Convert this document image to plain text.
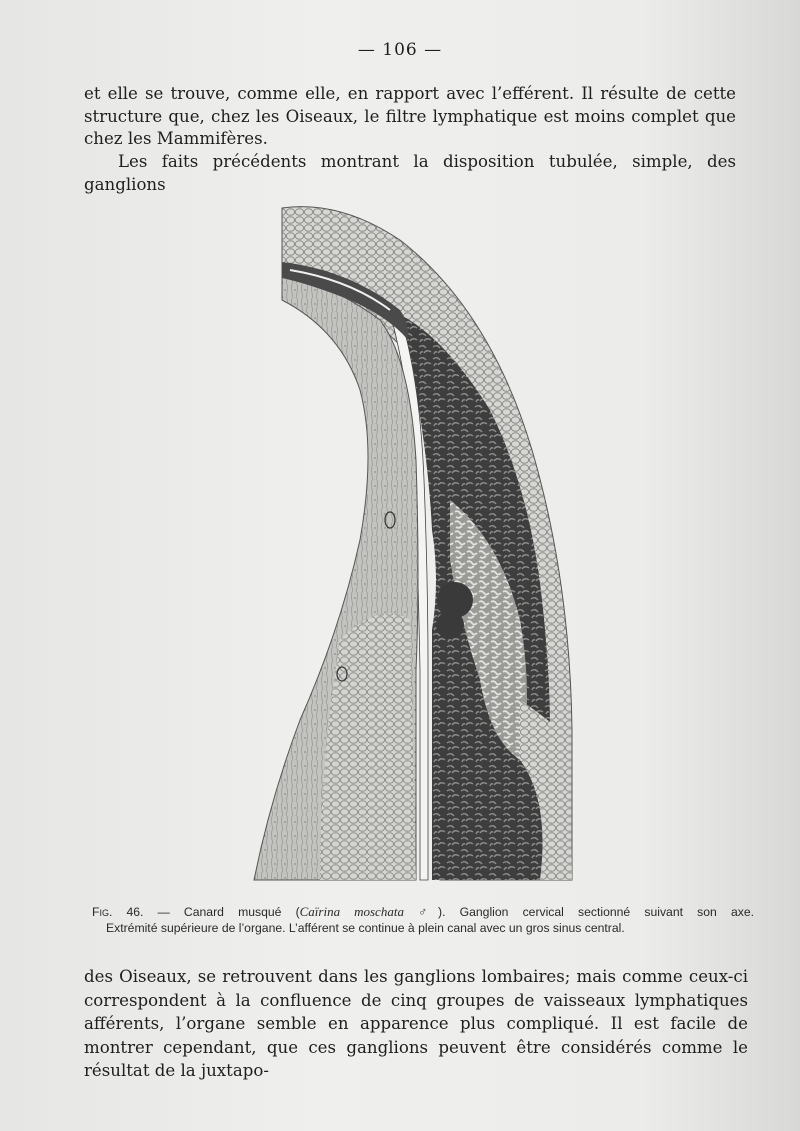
— 106 —

et elle se trouve, comme elle, en rapport avec l’efférent. Il résulte de cette structure que, chez les Oiseaux, le filtre lymphatique est moins complet que chez les Mammifères.

Les faits précédents montrant la disposition tubulée, simple, des ganglions

Fig. 46. — Canard musqué (Caïrina moschata ♂). Ganglion cervical sectionné suivant son axe.
Extrémité supérieure de l’organe. L’afférent se continue à plein canal avec un gros sinus central.

des Oiseaux, se retrouvent dans les ganglions lombaires; mais comme ceux-ci correspondent à la confluence de cinq groupes de vaisseaux lymphatiques afférents, l’organe semble en apparence plus compliqué. Il est facile de montrer cependant, que ces ganglions peuvent être considérés comme le résultat de la juxtapo-
